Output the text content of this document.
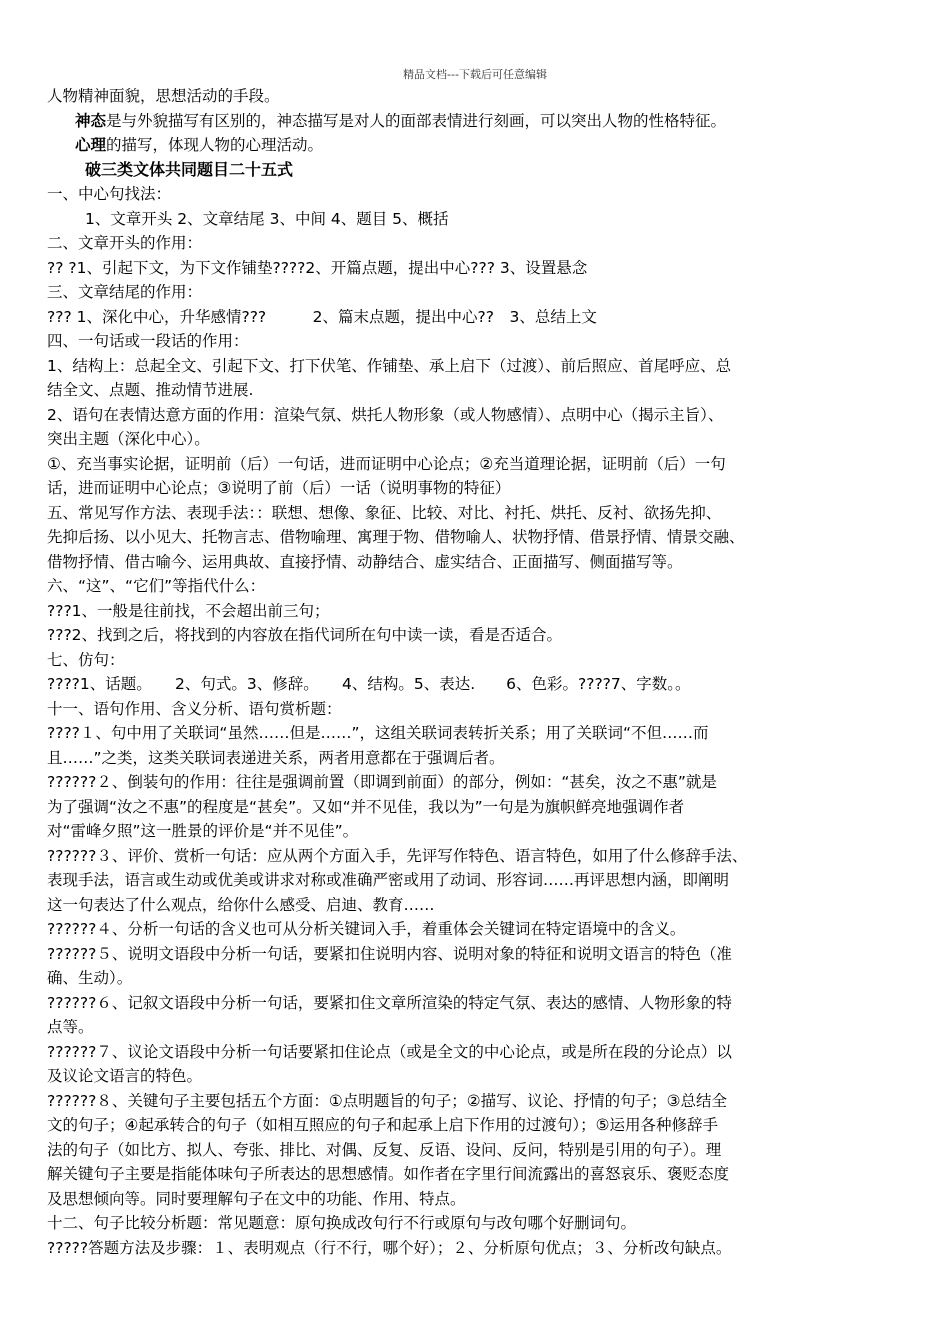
精品文档---下载后可任意编辑
人物精神面貌，思想活动的手段。
神态是与外貌描写有区别的，神态描写是对人的面部表情进行刻画，可以突出人物的性格特征。
心理的描写，体现人物的心理活动。
破三类文体共同题目二十五式
一、中心句找法：
1、文章开头 2、文章结尾 3、中间 4、题目 5、概括
二、文章开头的作用：
?? ?1、引起下文，为下文作铺垫????2、开篇点题，提出中心??? 3、设置悬念
三、文章结尾的作用：
??? 1、深化中心，升华感情???　　　2、篇末点题，提出中心??　3、总结上文
四、一句话或一段话的作用：
1、结构上：总起全文、引起下文、打下伏笔、作铺垫、承上启下（过渡）、前后照应、首尾呼应、总
结全文、点题、推动情节进展.
2、语句在表情达意方面的作用：渲染气氛、烘托人物形象（或人物感情）、点明中心（揭示主旨）、
突出主题（深化中心）。
①、充当事实论据，证明前（后）一句话，进而证明中心论点；②充当道理论据，证明前（后）一句
话，进而证明中心论点；③说明了前（后）一话（说明事物的特征）
五、常见写作方法、表现手法：：联想、想像、象征、比较、对比、衬托、烘托、反衬、欲扬先抑、
先抑后扬、以小见大、托物言志、借物喻理、寓理于物、借物喻人、状物抒情、借景抒情、情景交融、
借物抒情、借古喻今、运用典故、直接抒情、动静结合、虚实结合、正面描写、侧面描写等。
六、“这”、“它们”等指代什么：
???1、一般是往前找，不会超出前三句；
???2、找到之后，将找到的内容放在指代词所在句中读一读，看是否适合。
七、仿句：
????1、话题。　　2、句式。3、修辞。　　4、结构。5、表达.　　6、色彩。????7、字数。。
十一、语句作用、含义分析、语句赏析题：
????１、句中用了关联词“虽然……但是……”，这组关联词表转折关系；用了关联词“不但……而
且……”之类，这类关联词表递进关系，两者用意都在于强调后者。
??????２、倒装句的作用：往往是强调前置（即调到前面）的部分，例如：“甚矣，汝之不惠”就是
为了强调“汝之不惠”的程度是“甚矣”。又如“并不见佳，我以为”一句是为旗帜鲜亮地强调作者
对“雷峰夕照”这一胜景的评价是“并不见佳”。
??????３、评价、赏析一句话：应从两个方面入手，先评写作特色、语言特色，如用了什么修辞手法、
表现手法，语言或生动或优美或讲求对称或准确严密或用了动词、形容词……再评思想内涵，即阐明
这一句表达了什么观点，给你什么感受、启迪、教育……
??????４、分析一句话的含义也可从分析关键词入手，着重体会关键词在特定语境中的含义。
??????５、说明文语段中分析一句话，要紧扣住说明内容、说明对象的特征和说明文语言的特色（准
确、生动）。
??????６、记叙文语段中分析一句话，要紧扣住文章所渲染的特定气氛、表达的感情、人物形象的特
点等。
??????７、议论文语段中分析一句话要紧扣住论点（或是全文的中心论点，或是所在段的分论点）以
及议论文语言的特色。
??????８、关键句子主要包括五个方面：①点明题旨的句子；②描写、议论、抒情的句子；③总结全
文的句子；④起承转合的句子（如相互照应的句子和起承上启下作用的过渡句）；⑤运用各种修辞手
法的句子（如比方、拟人、夸张、排比、对偶、反复、反语、设问、反问，特别是引用的句子）。理
解关键句子主要是指能体味句子所表达的思想感情。如作者在字里行间流露出的喜怒哀乐、褒贬态度
及思想倾向等。同时要理解句子在文中的功能、作用、特点。
十二、句子比较分析题：常见题意：原句换成改句行不行或原句与改句哪个好删词句。
?????答题方法及步骤：１、表明观点（行不行，哪个好）；２、分析原句优点；３、分析改句缺点。
